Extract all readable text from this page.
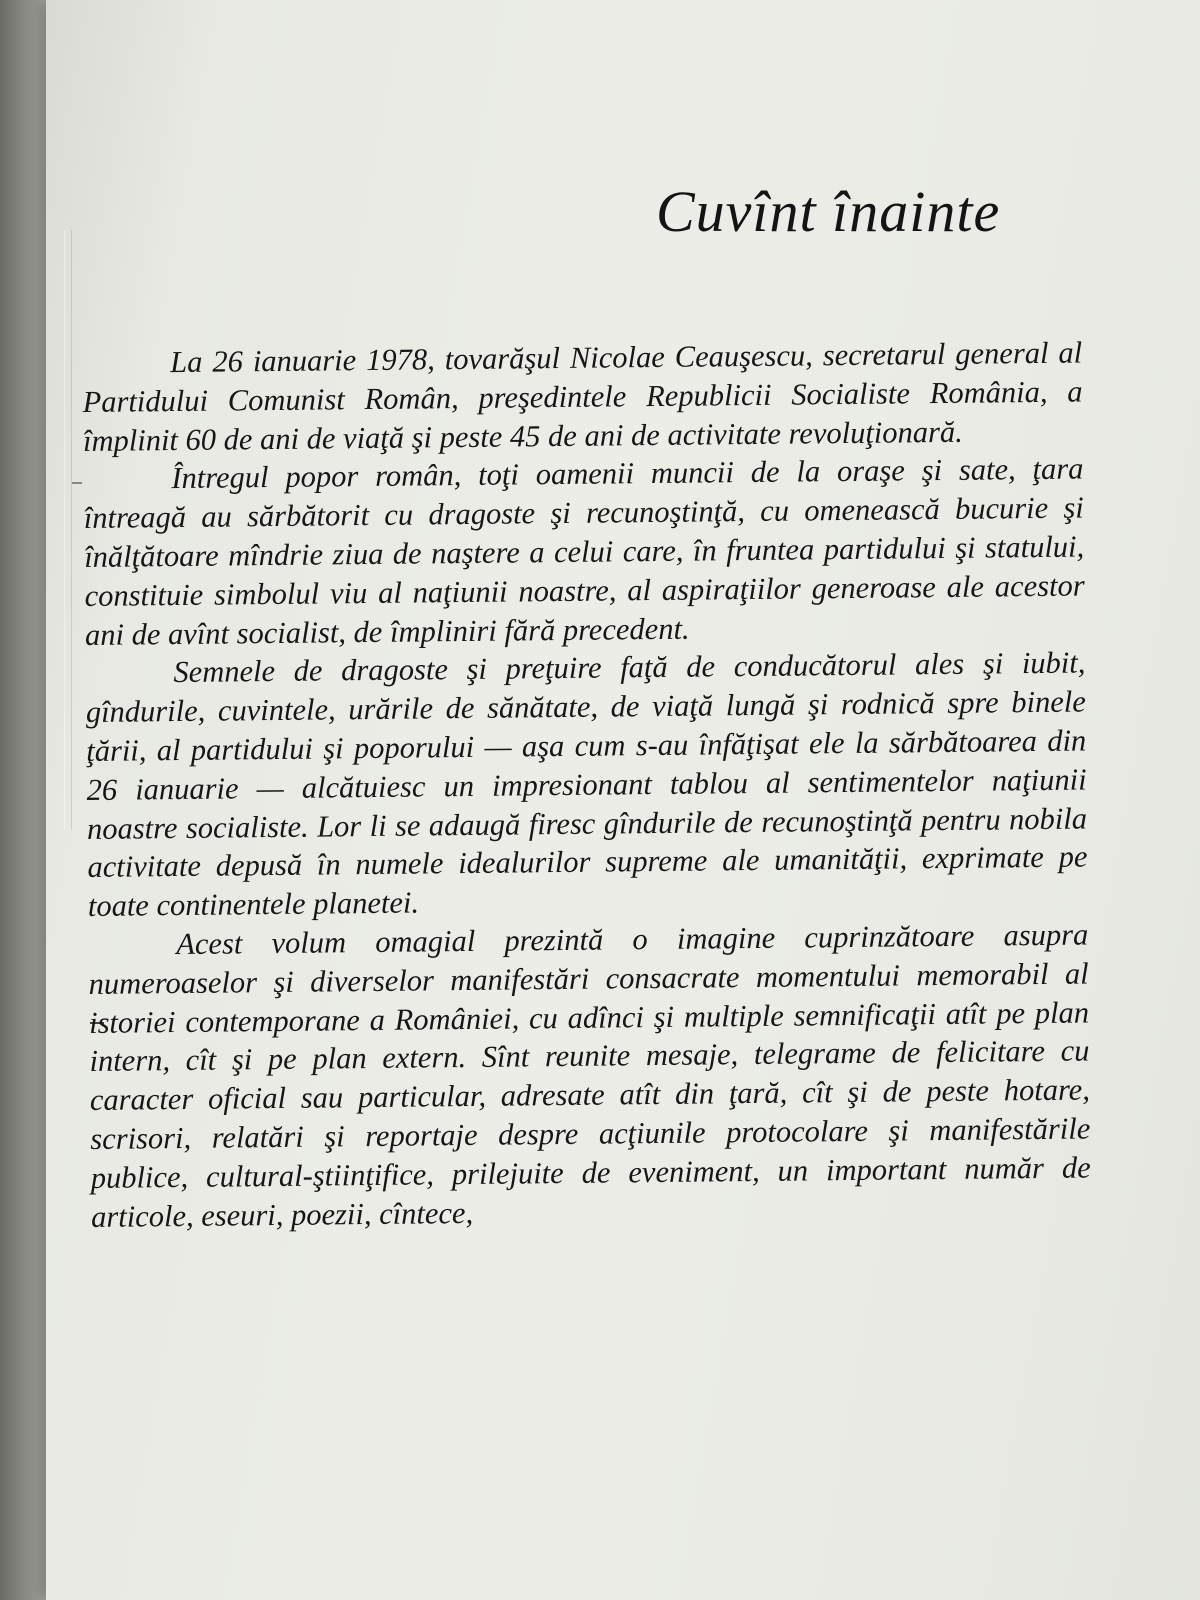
Cuvînt înainte

La 26 ianuarie 1978, tovarăşul Nicolae Ceauşescu, secretarul general al Partidului Comunist Român, preşedintele Republicii Socialiste România, a împlinit 60 de ani de viaţă şi peste 45 de ani de activitate revoluţionară.

Întregul popor român, toţi oamenii muncii de la oraşe şi sate, ţara întreagă au sărbătorit cu dragoste şi recunoştinţă, cu omenească bucurie şi înălţătoare mîndrie ziua de naştere a celui care, în fruntea partidului şi statului, constituie simbolul viu al naţiunii noastre, al aspiraţiilor generoase ale acestor ani de avînt socialist, de împliniri fără precedent.

Semnele de dragoste şi preţuire faţă de conducătorul ales şi iubit, gîndurile, cuvintele, urările de sănătate, de viaţă lungă şi rodnică spre binele ţării, al partidului şi poporului — aşa cum s-au înfăţişat ele la sărbătoarea din 26 ianuarie — alcătuiesc un impresionant tablou al sentimentelor naţiunii noastre socialiste. Lor li se adaugă firesc gîndurile de recunoştinţă pentru nobila activitate depusă în numele idealurilor supreme ale umanităţii, exprimate pe toate continentele planetei.

Acest volum omagial prezintă o imagine cuprinzătoare asupra numeroaselor şi diverselor manifestări consacrate momentului memorabil al istoriei contemporane a României, cu adînci şi multiple semnificaţii atît pe plan intern, cît şi pe plan extern. Sînt reunite mesaje, telegrame de felicitare cu caracter oficial sau particular, adresate atît din ţară, cît şi de peste hotare, scrisori, relatări şi reportaje despre acţiunile protocolare şi manifestările publice, cultural-ştiinţifice, prilejuite de eveniment, un important număr de articole, eseuri, poezii, cîntece,
